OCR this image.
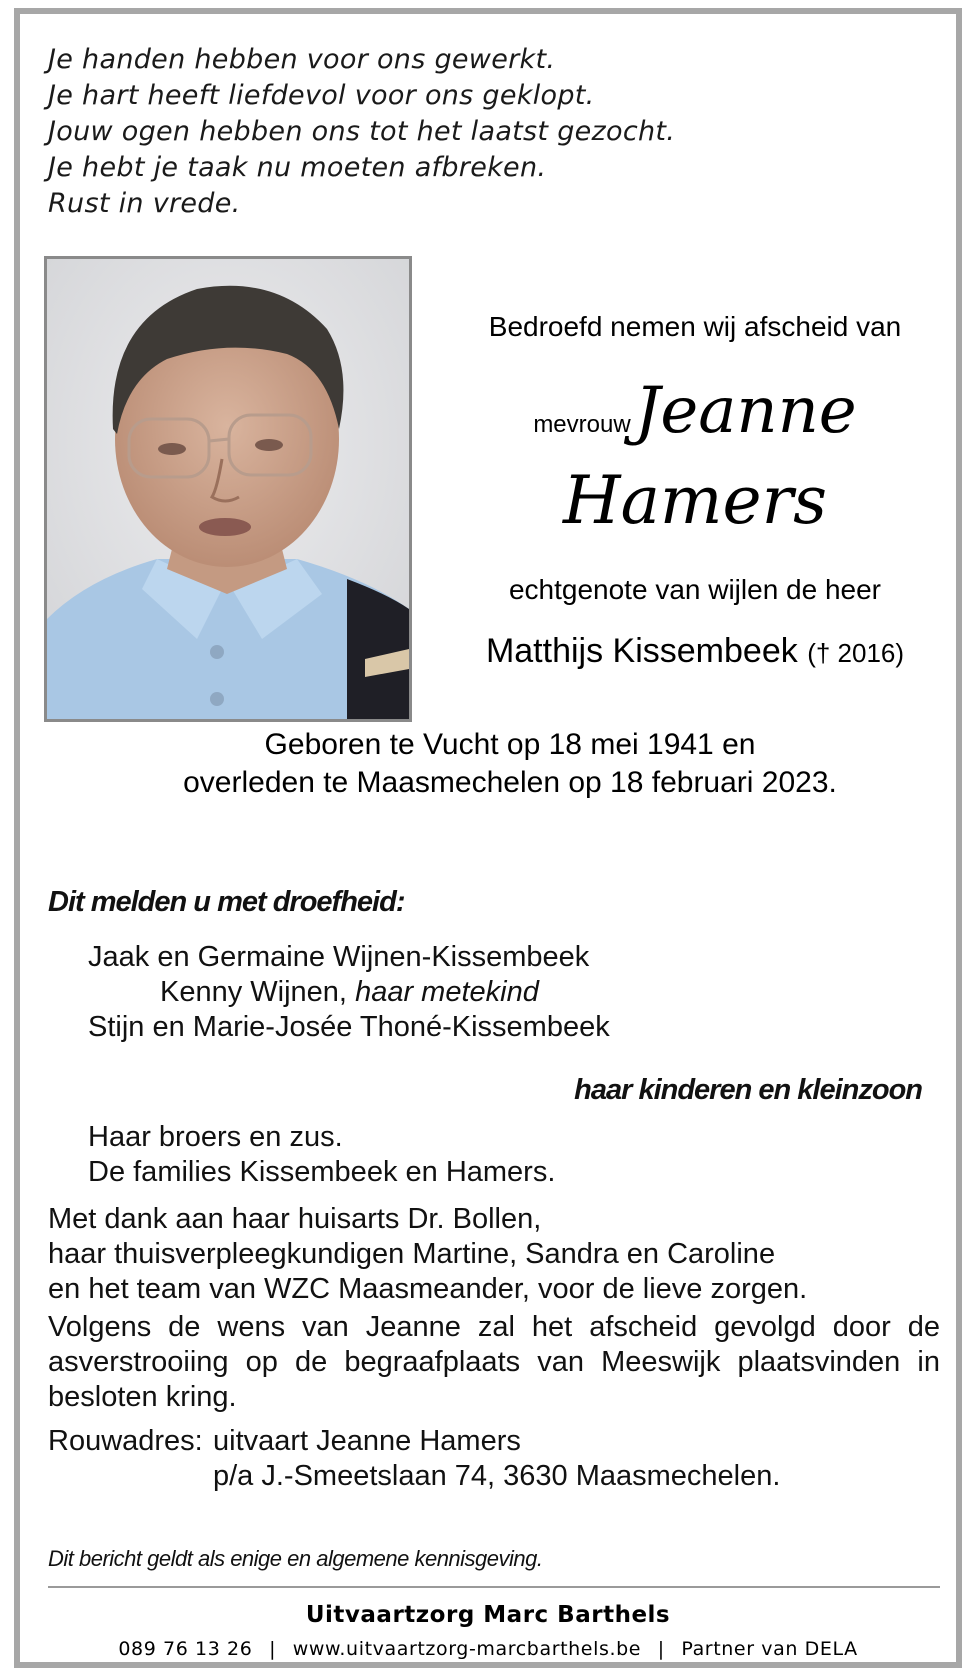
Je handen hebben voor ons gewerkt.
Je hart heeft liefdevol voor ons geklopt.
Jouw ogen hebben ons tot het laatst gezocht.
Je hebt je taak nu moeten afbreken.
Rust in vrede.
Bedroefd nemen wij afscheid van
mevrouw Jeanne
Hamers
echtgenote van wijlen de heer
Matthijs Kissembeek († 2016)
Geboren te Vucht op 18 mei 1941 en
overleden te Maasmechelen op 18 februari 2023.
Dit melden u met droefheid:
Jaak en Germaine Wijnen-Kissembeek
Kenny Wijnen, haar metekind
Stijn en Marie-Josée Thoné-Kissembeek
haar kinderen en kleinzoon
Haar broers en zus.
De families Kissembeek en Hamers.
Met dank aan haar huisarts Dr. Bollen,
haar thuisverpleegkundigen Martine, Sandra en Caroline
en het team van WZC Maasmeander, voor de lieve zorgen.
Volgens de wens van Jeanne zal het afscheid gevolgd door de asverstrooiing op de begraafplaats van Meeswijk plaatsvinden in besloten kring.
Rouwadres: uitvaart Jeanne Hamers
p/a J.-Smeetslaan 74, 3630 Maasmechelen.
Dit bericht geldt als enige en algemene kennisgeving.
Uitvaartzorg Marc Barthels
089 76 13 26 | www.uitvaartzorg-marcbarthels.be | Partner van DELA
